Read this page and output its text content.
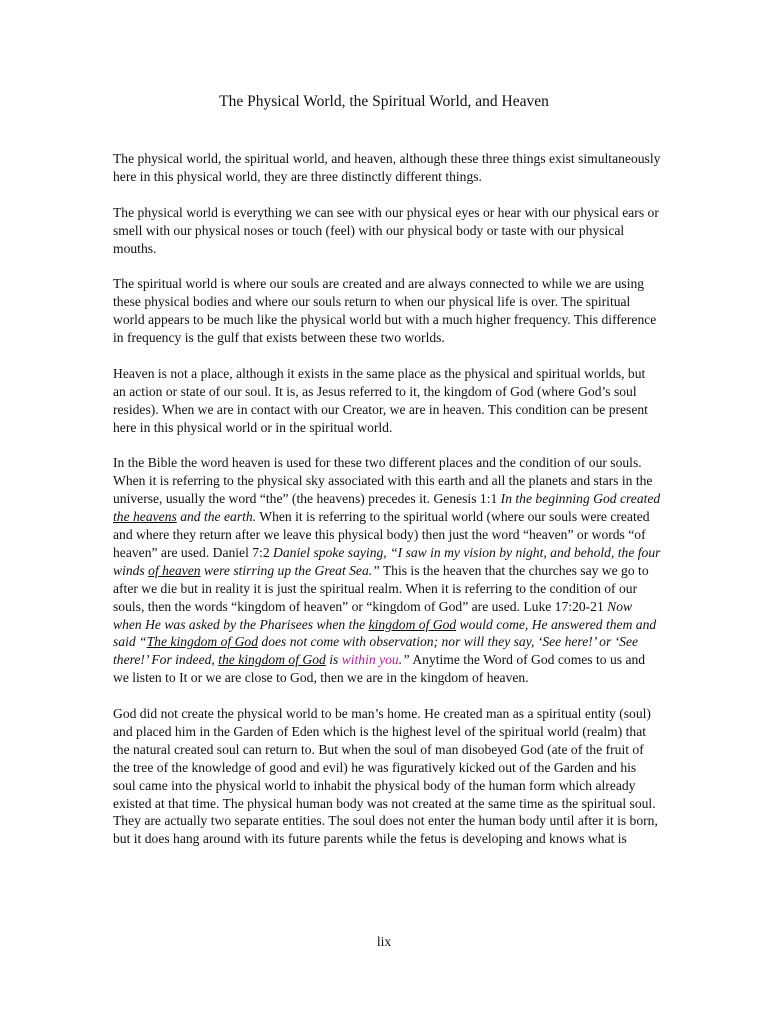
The Physical World, the Spiritual World, and Heaven

The physical world, the spiritual world, and heaven, although these three things exist simultaneously here in this physical world, they are three distinctly different things.

The physical world is everything we can see with our physical eyes or hear with our physical ears or smell with our physical noses or touch (feel) with our physical body or taste with our physical mouths.

The spiritual world is where our souls are created and are always connected to while we are using these physical bodies and where our souls return to when our physical life is over. The spiritual world appears to be much like the physical world but with a much higher frequency. This difference in frequency is the gulf that exists between these two worlds.

Heaven is not a place, although it exists in the same place as the physical and spiritual worlds, but an action or state of our soul. It is, as Jesus referred to it, the kingdom of God (where God’s soul resides). When we are in contact with our Creator, we are in heaven. This condition can be present here in this physical world or in the spiritual world.

In the Bible the word heaven is used for these two different places and the condition of our souls. When it is referring to the physical sky associated with this earth and all the planets and stars in the universe, usually the word “the” (the heavens) precedes it. Genesis 1:1 In the beginning God created the heavens and the earth. When it is referring to the spiritual world (where our souls were created and where they return after we leave this physical body) then just the word “heaven” or words “of heaven” are used. Daniel 7:2 Daniel spoke saying, “I saw in my vision by night, and behold, the four winds of heaven were stirring up the Great Sea.” This is the heaven that the churches say we go to after we die but in reality it is just the spiritual realm. When it is referring to the condition of our souls, then the words “kingdom of heaven” or “kingdom of God” are used. Luke 17:20-21 Now when He was asked by the Pharisees when the kingdom of God would come, He answered them and said “The kingdom of God does not come with observation; nor will they say, ‘See here!’ or ‘See there!’ For indeed, the kingdom of God is within you.” Anytime the Word of God comes to us and we listen to It or we are close to God, then we are in the kingdom of heaven.

God did not create the physical world to be man’s home. He created man as a spiritual entity (soul) and placed him in the Garden of Eden which is the highest level of the spiritual world (realm) that the natural created soul can return to. But when the soul of man disobeyed God (ate of the fruit of the tree of the knowledge of good and evil) he was figuratively kicked out of the Garden and his soul came into the physical world to inhabit the physical body of the human form which already existed at that time. The physical human body was not created at the same time as the spiritual soul. They are actually two separate entities. The soul does not enter the human body until after it is born, but it does hang around with its future parents while the fetus is developing and knows what is

lix
